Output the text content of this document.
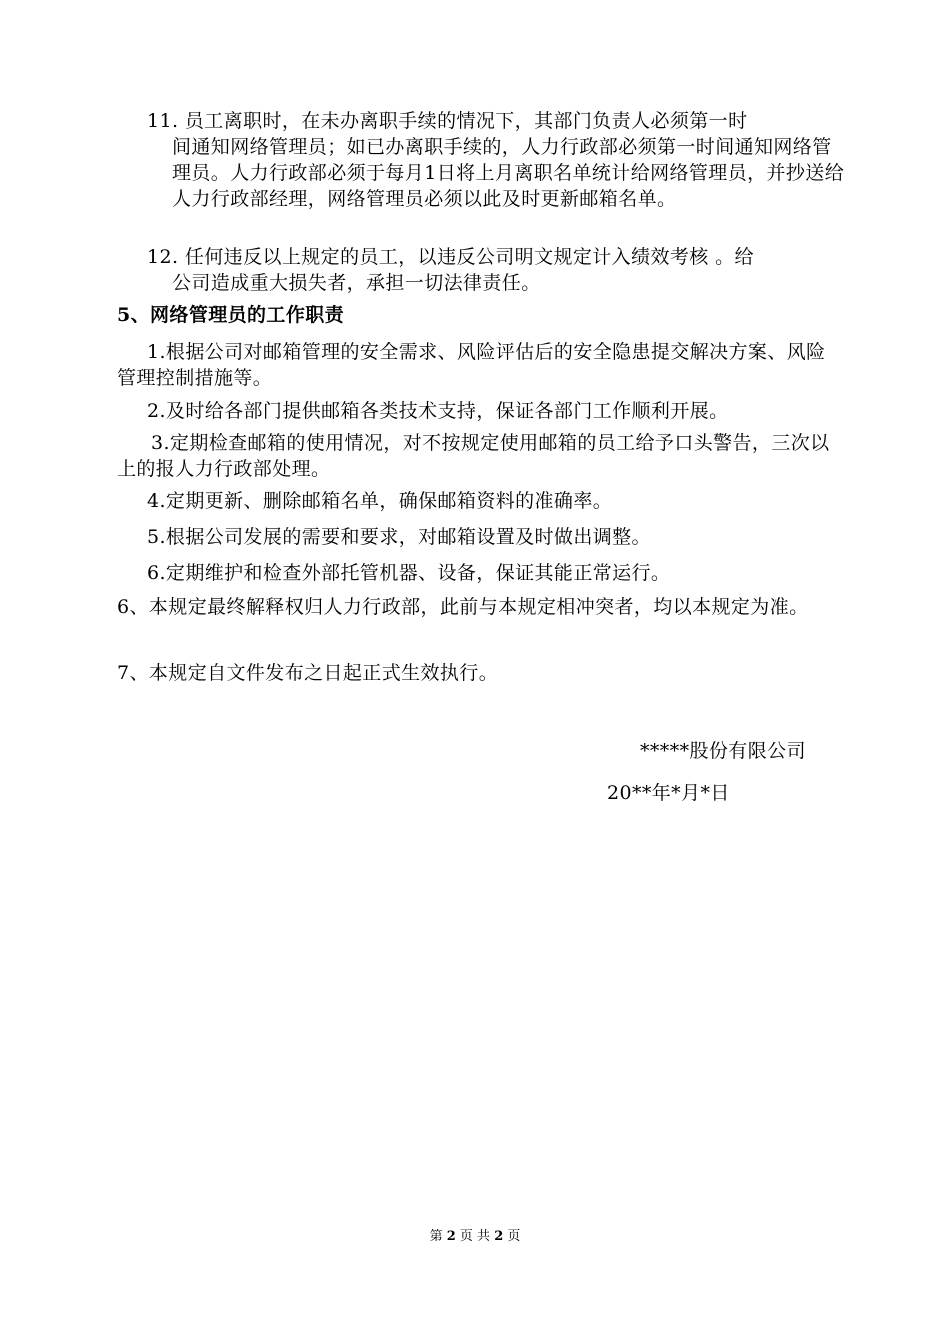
11. 员工离职时，在未办离职手续的情况下，其部门负责人必须第一时
间通知网络管理员；如已办离职手续的，人力行政部必须第一时间通知网络管理员。人力行政部必须于每月1日将上月离职名单统计给网络管理员，并抄送给人力行政部经理，网络管理员必须以此及时更新邮箱名单。

12. 任何违反以上规定的员工，以违反公司明文规定计入绩效考核 。给
公司造成重大损失者，承担一切法律责任。

5、网络管理员的工作职责

1.根据公司对邮箱管理的安全需求、风险评估后的安全隐患提交解决方案、风险管理控制措施等。

2.及时给各部门提供邮箱各类技术支持，保证各部门工作顺利开展。

3.定期检查邮箱的使用情况，对不按规定使用邮箱的员工给予口头警告，三次以上的报人力行政部处理。

4.定期更新、删除邮箱名单，确保邮箱资料的准确率。

5.根据公司发展的需要和要求，对邮箱设置及时做出调整。

6.定期维护和检查外部托管机器、设备，保证其能正常运行。

6、本规定最终解释权归人力行政部，此前与本规定相冲突者，均以本规定为准。

7、本规定自文件发布之日起正式生效执行。

*****股份有限公司

20**年*月*日

第 2 页 共 2 页
